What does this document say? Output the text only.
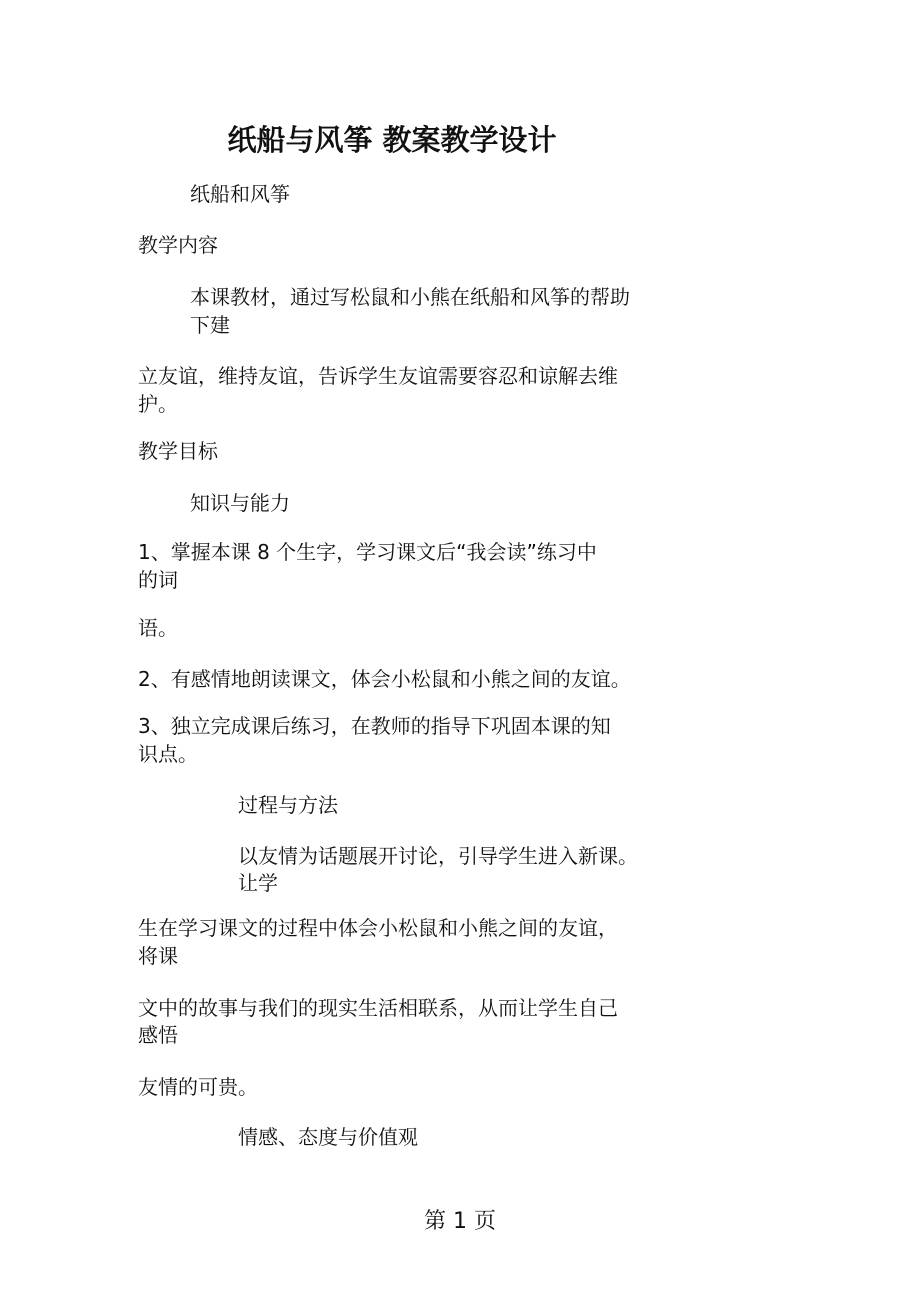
纸船与风筝 教案教学设计

纸船和风筝

教学内容

本课教材，通过写松鼠和小熊在纸船和风筝的帮助

下建

立友谊，维持友谊，告诉学生友谊需要容忍和谅解去维

护。

教学目标

知识与能力

1、掌握本课 8 个生字，学习课文后“我会读”练习中

的词

语。

2、有感情地朗读课文，体会小松鼠和小熊之间的友谊。

3、独立完成课后练习，在教师的指导下巩固本课的知

识点。

过程与方法

以友情为话题展开讨论，引导学生进入新课。

让学

生在学习课文的过程中体会小松鼠和小熊之间的友谊，

将课

文中的故事与我们的现实生活相联系，从而让学生自己

感悟

友情的可贵。

情感、态度与价值观

第 1 页
